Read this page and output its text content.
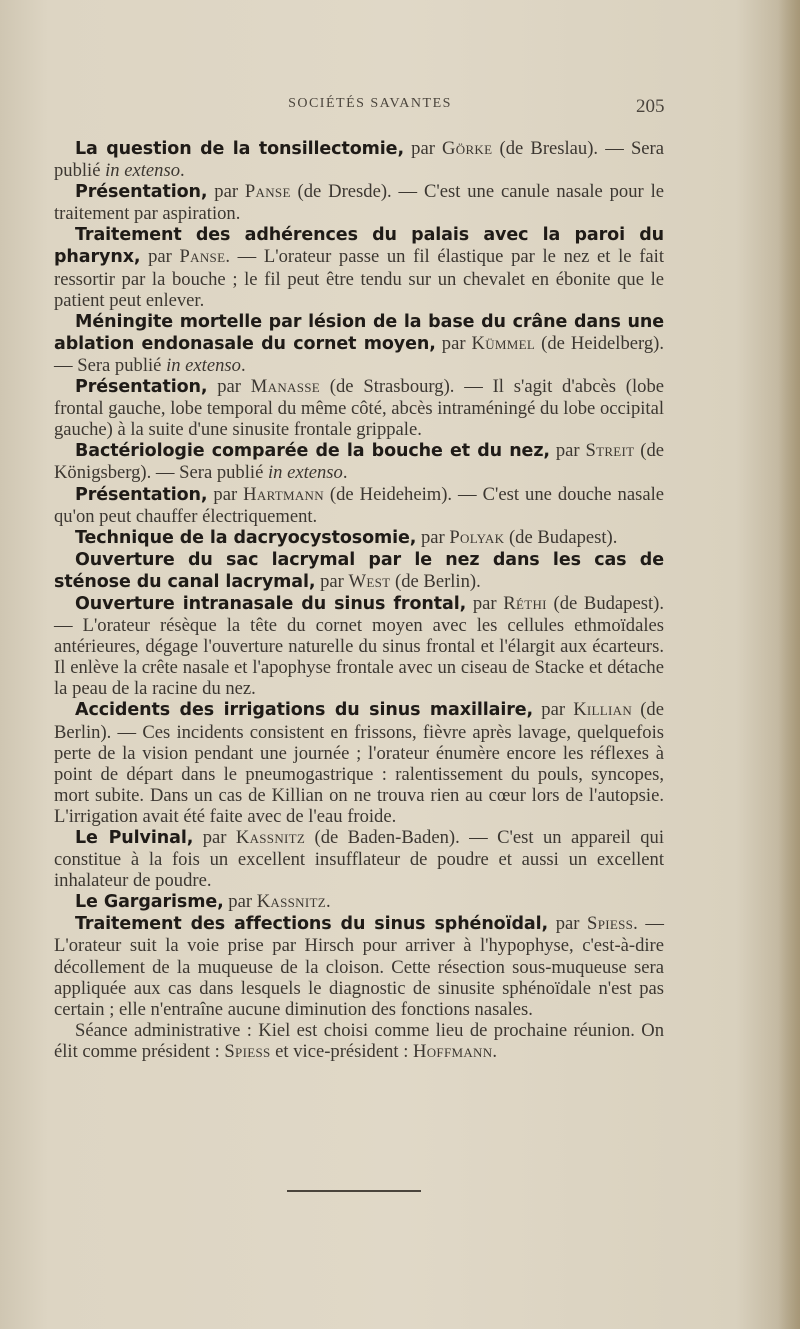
SOCIÉTÉS SAVANTES	205

La question de la tonsillectomie, par Görke (de Breslau). — Sera publié in extenso.

Présentation, par Panse (de Dresde). — C'est une canule nasale pour le traitement par aspiration.

Traitement des adhérences du palais avec la paroi du pharynx, par Panse. — L'orateur passe un fil élastique par le nez et le fait ressortir par la bouche ; le fil peut être tendu sur un chevalet en ébonite que le patient peut enlever.

Méningite mortelle par lésion de la base du crâne dans une ablation endonasale du cornet moyen, par Kümmel (de Heidelberg). — Sera publié in extenso.

Présentation, par Manasse (de Strasbourg). — Il s'agit d'abcès (lobe frontal gauche, lobe temporal du même côté, abcès intraméningé du lobe occipital gauche) à la suite d'une sinusite frontale grippale.

Bactériologie comparée de la bouche et du nez, par Streit (de Königsberg). — Sera publié in extenso.

Présentation, par Hartmann (de Heideheim). — C'est une douche nasale qu'on peut chauffer électriquement.

Technique de la dacryocystosomie, par Polyak (de Budapest).

Ouverture du sac lacrymal par le nez dans les cas de sténose du canal lacrymal, par West (de Berlin).

Ouverture intranasale du sinus frontal, par Réthi (de Budapest). — L'orateur résèque la tête du cornet moyen avec les cellules ethmoïdales antérieures, dégage l'ouverture naturelle du sinus frontal et l'élargit aux écarteurs. Il enlève la crête nasale et l'apophyse frontale avec un ciseau de Stacke et détache la peau de la racine du nez.

Accidents des irrigations du sinus maxillaire, par Killian (de Berlin). — Ces incidents consistent en frissons, fièvre après lavage, quelquefois perte de la vision pendant une journée ; l'orateur énumère encore les réflexes à point de départ dans le pneumogastrique : ralentissement du pouls, syncopes, mort subite. Dans un cas de Killian on ne trouva rien au cœur lors de l'autopsie. L'irrigation avait été faite avec de l'eau froide.

Le Pulvinal, par Kassnitz (de Baden-Baden). — C'est un appareil qui constitue à la fois un excellent insufflateur de poudre et aussi un excellent inhalateur de poudre.

Le Gargarisme, par Kassnitz.

Traitement des affections du sinus sphénoïdal, par Spiess. — L'orateur suit la voie prise par Hirsch pour arriver à l'hypophyse, c'est-à-dire décollement de la muqueuse de la cloison. Cette résection sous-muqueuse sera appliquée aux cas dans lesquels le diagnostic de sinusite sphénoïdale n'est pas certain ; elle n'entraîne aucune diminution des fonctions nasales.

Séance administrative : Kiel est choisi comme lieu de prochaine réunion. On élit comme président : Spiess et vice-président : Hoffmann.
